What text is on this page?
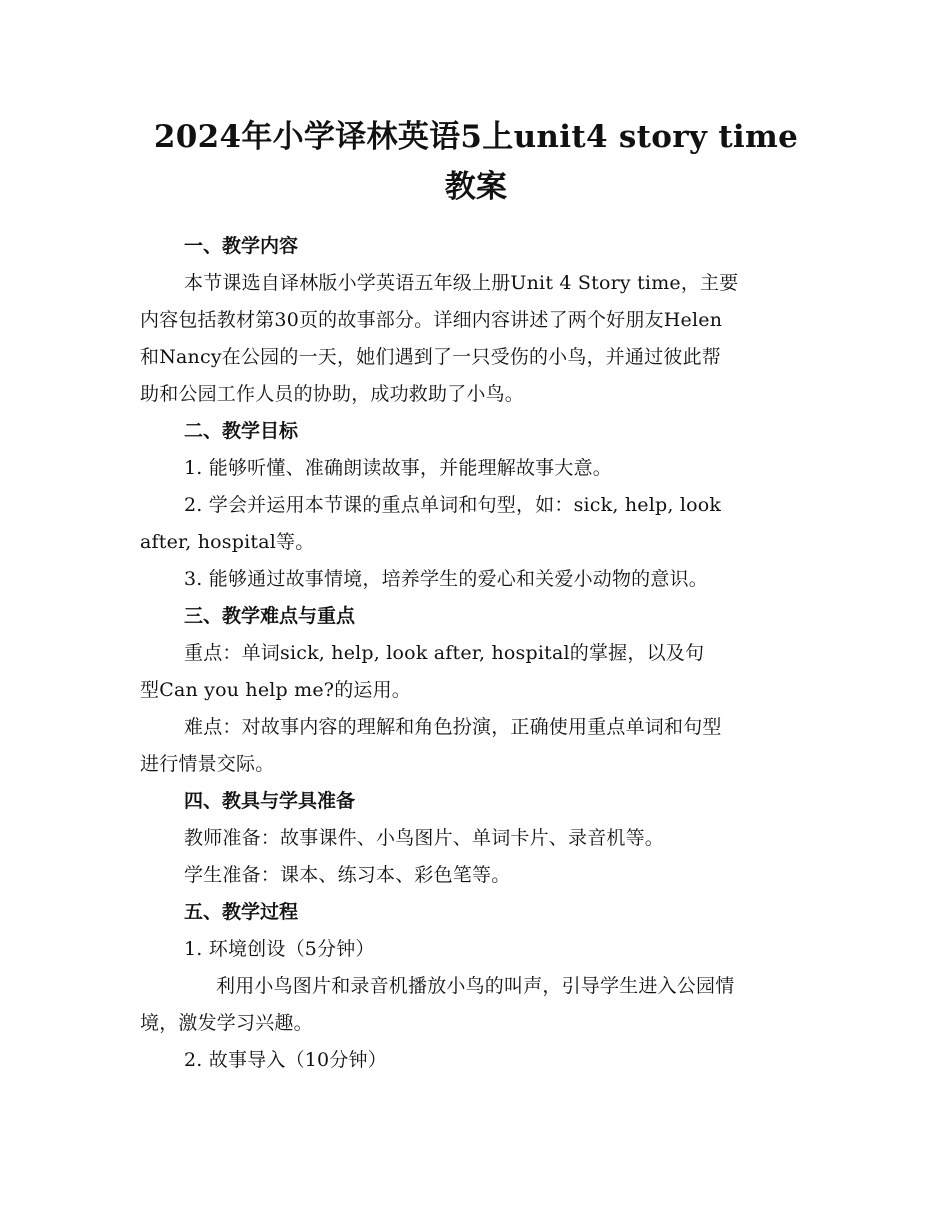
2024年小学译林英语5上unit4 story time
教案
一、教学内容

本节课选自译林版小学英语五年级上册Unit 4 Story time，主要
内容包括教材第30页的故事部分。详细内容讲述了两个好朋友Helen
和Nancy在公园的一天，她们遇到了一只受伤的小鸟，并通过彼此帮
助和公园工作人员的协助，成功救助了小鸟。

二、教学目标

1. 能够听懂、准确朗读故事，并能理解故事大意。

2. 学会并运用本节课的重点单词和句型，如：sick, help, look
after, hospital等。

3. 能够通过故事情境，培养学生的爱心和关爱小动物的意识。

三、教学难点与重点

重点：单词sick, help, look after, hospital的掌握，以及句
型Can you help me?的运用。

难点：对故事内容的理解和角色扮演，正确使用重点单词和句型
进行情景交际。

四、教具与学具准备

教师准备：故事课件、小鸟图片、单词卡片、录音机等。

学生准备：课本、练习本、彩色笔等。

五、教学过程

1. 环境创设（5分钟）

利用小鸟图片和录音机播放小鸟的叫声，引导学生进入公园情
境，激发学习兴趣。

2. 故事导入（10分钟）
